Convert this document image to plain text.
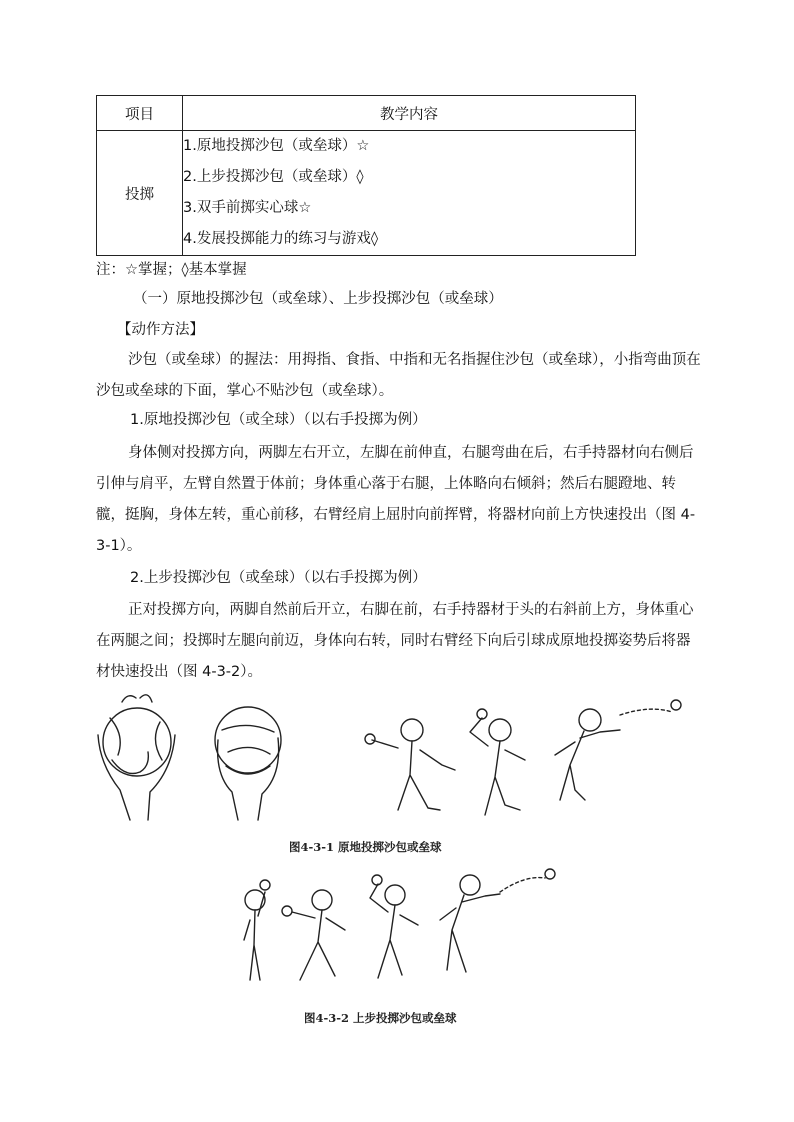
项目	教学内容
投掷	1.原地投掷沙包（或垒球）☆
2.上步投掷沙包（或垒球）◊
3.双手前掷实心球☆
4.发展投掷能力的练习与游戏◊
注：☆掌握；◊基本掌握
（一）原地投掷沙包（或垒球）、上步投掷沙包（或垒球）
【动作方法】
沙包（或垒球）的握法：用拇指、食指、中指和无名指握住沙包（或垒球），小指弯曲顶在沙包或垒球的下面，掌心不贴沙包（或垒球）。
1.原地投掷沙包（或全球）（以右手投掷为例）
身体侧对投掷方向，两脚左右开立，左脚在前伸直，右腿弯曲在后，右手持器材向右侧后引伸与肩平，左臂自然置于体前；身体重心落于右腿，上体略向右倾斜；然后右腿蹬地、转髋，挺胸，身体左转，重心前移，右臂经肩上屈肘向前挥臂，将器材向前上方快速投出（图 4-3-1）。
2.上步投掷沙包（或垒球）（以右手投掷为例）
正对投掷方向，两脚自然前后开立，右脚在前，右手持器材于头的右斜前上方，身体重心在两腿之间；投掷时左腿向前迈，身体向右转，同时右臂经下向后引球成原地投掷姿势后将器材快速投出（图 4-3-2）。
图4-3-1 原地投掷沙包或垒球
图4-3-2 上步投掷沙包或垒球
